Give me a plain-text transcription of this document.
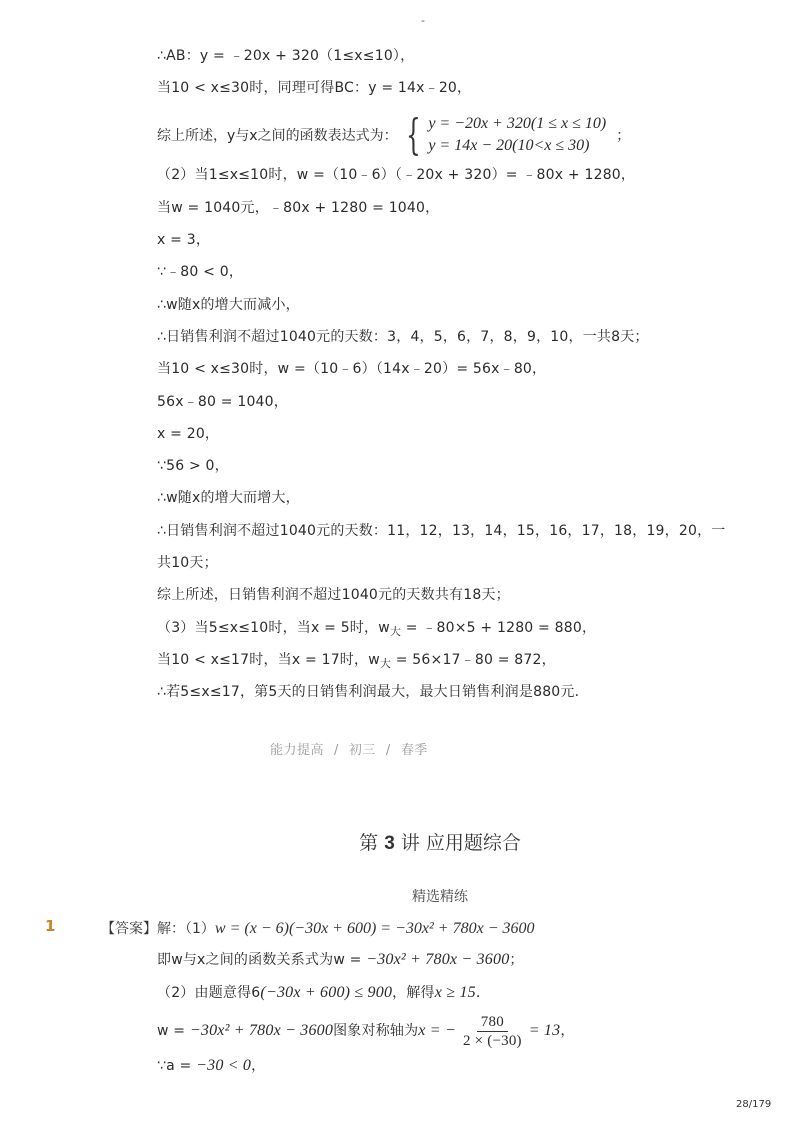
-
∴AB：y = ﹣20x + 320（1≤x≤10），
当10 < x≤30时，同理可得BC：y = 14x﹣20，
综上所述，y与x之间的函数表达式为： { y = −20x + 320(1 ≤ x ≤ 10)
y = 14x − 20(10<x ≤ 30)
；
（2）当1≤x≤10时，w =（10﹣6）（﹣20x + 320）= ﹣80x + 1280，
当w = 1040元，﹣80x + 1280 = 1040，
x = 3，
∵﹣80 < 0，
∴w随x的增大而减小，
∴日销售利润不超过1040元的天数：3，4，5，6，7，8，9，10，一共8天；
当10 < x≤30时，w =（10﹣6）（14x﹣20）= 56x﹣80，
56x﹣80 = 1040，
x = 20，
∵56 > 0，
∴w随x的增大而增大，
∴日销售利润不超过1040元的天数：11，12，13，14，15，16，17，18，19，20，一
共10天；
综上所述，日销售利润不超过1040元的天数共有18天；
（3）当5≤x≤10时，当x = 5时，$w_大$ = ﹣80×5 + 1280 = 880，
当10 < x≤17时，当x = 17时，$w_大$ = 56×17﹣80 = 872，
∴若5≤x≤17，第5天的日销售利润最大，最大日销售利润是880元．
能力提高 / 初三 / 春季
第 3 讲 应用题综合
精选精练
1	【答案】解：（1）w = (x − 6)(−30x + 600) = −30x² + 780x − 3600
即w与x之间的函数关系式为w = −30x² + 780x − 3600；
（2）由题意得6(−30x + 600) ≤ 900，解得x ≥ 15．
w = −30x² + 780x − 3600图象对称轴为x = − $\frac{780}{2 \times (-30)} = 13$，
∵a = −30 < 0，
28/179
